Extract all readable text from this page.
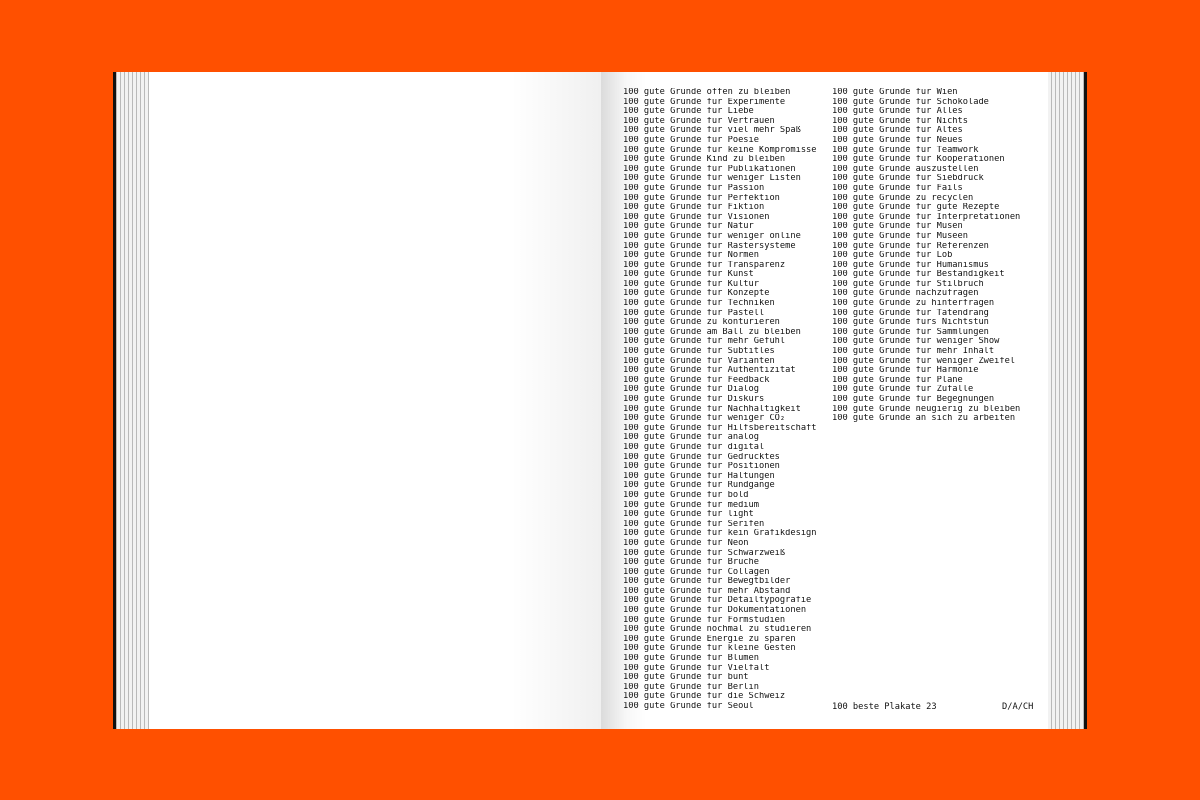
100 gute Gründe offen zu bleiben
100 gute Gründe für Experimente
100 gute Gründe für Liebe
100 gute Gründe für Vertrauen
100 gute Gründe für viel mehr Spaß
100 gute Gründe für Poesie
100 gute Gründe für keine Kompromisse
100 gute Gründe Kind zu bleiben
100 gute Gründe für Publikationen
100 gute Gründe für weniger Listen
100 gute Gründe für Passion
100 gute Gründe für Perfektion
100 gute Gründe für Fiktion
100 gute Gründe für Visionen
100 gute Gründe für Natur
100 gute Gründe für weniger online
100 gute Gründe für Rastersysteme
100 gute Gründe für Normen
100 gute Gründe für Transparenz
100 gute Gründe für Kunst
100 gute Gründe für Kultur
100 gute Gründe für Konzepte
100 gute Gründe für Techniken
100 gute Gründe für Pastell
100 gute Gründe zu konturieren
100 gute Gründe am Ball zu bleiben
100 gute Gründe für mehr Gefühl
100 gute Gründe für Subtitles
100 gute Gründe für Varianten
100 gute Gründe für Authentizität
100 gute Gründe für Feedback
100 gute Gründe für Dialog
100 gute Gründe für Diskurs
100 gute Gründe für Nachhaltigkeit
100 gute Gründe für weniger CO₂
100 gute Gründe für Hilfsbereitschaft
100 gute Gründe für analog
100 gute Gründe für digital
100 gute Gründe für Gedrucktes
100 gute Gründe für Positionen
100 gute Gründe für Haltungen
100 gute Gründe für Rundgänge
100 gute Gründe für bold
100 gute Gründe für medium
100 gute Gründe für light
100 gute Gründe für Serifen
100 gute Gründe für kein Grafikdesign
100 gute Gründe für Neon
100 gute Gründe für Schwarzweiß
100 gute Gründe für Brüche
100 gute Gründe für Collagen
100 gute Gründe für Bewegtbilder
100 gute Gründe für mehr Abstand
100 gute Gründe für Detailtypografie
100 gute Gründe für Dokumentationen
100 gute Gründe für Formstudien
100 gute Gründe nochmal zu studieren
100 gute Gründe Energie zu sparen
100 gute Gründe für kleine Gesten
100 gute Gründe für Blumen
100 gute Gründe für Vielfalt
100 gute Gründe für bunt
100 gute Gründe für Berlin
100 gute Gründe für die Schweiz
100 gute Gründe für Seoul
100 gute Gründe für Wien
100 gute Gründe für Schokolade
100 gute Gründe für Alles
100 gute Gründe für Nichts
100 gute Gründe für Altes
100 gute Gründe für Neues
100 gute Gründe für Teamwork
100 gute Gründe für Kooperationen
100 gute Gründe auszustellen
100 gute Gründe für Siebdruck
100 gute Gründe für Fails
100 gute Gründe zu recyclen
100 gute Gründe für gute Rezepte
100 gute Gründe für Interpretationen
100 gute Gründe für Musen
100 gute Gründe für Museen
100 gute Gründe für Referenzen
100 gute Gründe für Lob
100 gute Gründe für Humanismus
100 gute Gründe für Beständigkeit
100 gute Gründe für Stilbruch
100 gute Gründe nachzufragen
100 gute Gründe zu hinterfragen
100 gute Gründe für Tatendrang
100 gute Gründe fürs Nichtstun
100 gute Gründe für Sammlungen
100 gute Gründe für weniger Show
100 gute Gründe für mehr Inhalt
100 gute Gründe für weniger Zweifel
100 gute Gründe für Harmonie
100 gute Gründe für Pläne
100 gute Gründe für Zufälle
100 gute Gründe für Begegnungen
100 gute Gründe neugierig zu bleiben
100 gute Gründe an sich zu arbeiten
100 beste Plakate 23	D/A/CH
